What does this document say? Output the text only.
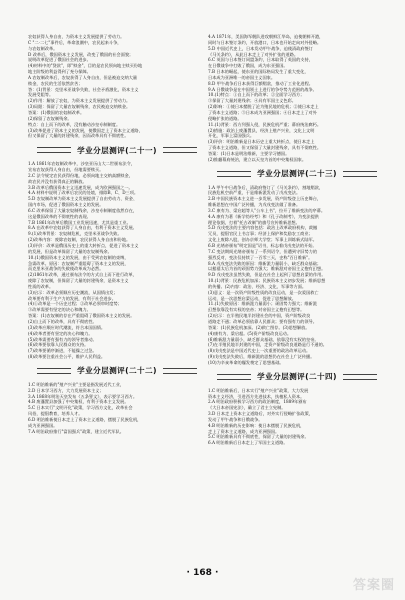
农奴获得人身自由，为资本主义发展提供了劳动力。
C "二·二七"事件后，革命浪潮中，农民起来斗争，
与农奴制改革。
D 改革后，俄国资本主义发展，改变了俄国的社会面貌；
说明改革促进了俄国社会的进步。
(4)材料中的"贷款"，即"赎金"，目的是农民须向地主赎买份地
地主阶级的利益得到了充分保障。
A 农奴制改革后，农奴获得了人身自由，但是被迫交纳大量
赎金，农民的生活依然贫苦；
答：(1)背景：克里米亚战争失败，社会矛盾激化，资本主义
发展受阻等。
(2)作用：解放了农奴，为资本主义发展提供了劳动力。
(3)局限：保留了大量农奴制残余，农民被迫交纳赎金。
答案：(1)俄国的农奴制改革。
(2)保留了农奴制残余。
特点：自上而下的改革，没有触动沙皇专制制度。
(3)改革促进了资本主义的发展，使俄国走上了资本主义道路，
但又保留了大量的封建残余，因而改革具有不彻底性。
学业分层测评(二十一)
1.A 1861年农奴制改革中，沙皇亚历山大二世颁布法令，
宣布农奴获得人身自由，份地需要赎买。
2.C 法令规定农民获得份地，必须向地主交纳高额赎金，
故农民并没有获得真正的解放。
3.B 改革后俄国资本主义迅速发展，成为欧洲强国之一。
4.A 材料中说明了改革后农民的处境，排除B、C、D三项。
5.D 农奴制改革为资本主义发展提供了自由劳动力、资金、
国内市场，促进了俄国资本主义的发展。
6.C 改革保留了大量农奴制残余，沙皇专制制度依然存在，
这是俄国改革的不彻底性的表现。
7.B 1861年改革后俄国工业发展迅速，尤其是重工业。
8.A 在改革中农奴获得了人身自由，有利于资本主义发展。
9.(1)改革背景：农奴制危机，克里米亚战争失败。
(2)改革内容：废除农奴制，农民获得人身自由和份地。
(3)评价：改革是俄国历史上的重大转折点，促进了资本主义
的发展，但是改革保留了大量的农奴制残余。
10.(1)俄国资本主义的发展，由于受到农奴制的束缚，
急需改革。原因：农奴制严重阻碍了资本主义的发展，
而克里米亚战争的失败使改革成为必然。
(2)1861年改革，通过颁布法令的方式自上而下进行改革，
废除了农奴制，但保留了大量的封建残余，是资本主义
性质的改革。
(3)启示：改革必须顺应历史潮流，从国情出发；
改革要有利于生产力的发展，有利于社会进步。
(4)①改革是一个历史过程；②改革必须审时度势；
③改革需要有坚定的决心和魄力。
答案：(1)农奴制的存在严重阻碍了俄国资本主义的发展。
(2)自上而下的改革，具有不彻底性。
(3)改革应顺应时代潮流，符合本国国情。
(4)改革者要有坚定的决心和魄力。
(5)改革需要有强有力的领导者推动。
(6)改革要依靠人民群众的支持。
(7)改革要循序渐进，不能操之过急。
(8)改革要注重社会公平，维护人民利益。
学业分层测评(二十二)
1.C 明治维新的"殖产兴业"主要是指发展近代工业，
2.D 日本学习西方，大力发展资本主义；
3.A 1868年明治天皇发布《五条誓文》，表示要学习西方。
4.B 废藩置县加强了中央集权，有利于资本主义发展。
5.C 日本实行"文明开化"政策，学习西方文化，改革社会
风俗，提倡教育，培养人才。
6.D 明治维新使日本走上了资本主义道路，摆脱了民族危机，
成为亚洲强国。
7.A 明治政府推行"富国强兵"政策，建立近代军队。
4.A 1871年，美国海军舰队进攻朝鲜江华岛，迫使朝鲜开港，
同时与日本签订条约，开放港口，日本也开始走向对外侵略。
5.D 中国近代史上，日本发动甲午战争，迫使清政府签订
《马关条约》，从此日本走上了对外扩张的道路。
6.C 英国与日本签订同盟条约，日本取得了英国的支持，
在日俄战争中打败了俄国，成为东亚强国。
7.B 日本的崛起，使东亚的国际格局发生了重大变化，
日本成为亚洲唯一的帝国主义国家。
8.D 甲午战争后日本获得巨额赔款，推动了工业化进程。
9.A 日俄战争是在中国领土上进行的争夺势力范围的战争。
10.(1)特点：①自上而下的改革；②全面学习西方；
③保留了大量封建残余；④具有军国主义色彩。
(2)影响：①使日本摆脱了沦为殖民地的危机；②使日本走上
了资本主义道路；③日本成为亚洲强国；④日本走上了对外
侵略扩张的道路。
11.(1)背景：西方列强入侵，民族危机严重；幕府统治腐朽。
(2)措施：政治上废藩置县，经济上殖产兴业，文化上文明
开化，军事上富国强兵。
(3)评价：明治维新是日本历史上重大转折点，使日本走上
了资本主义道路，但又保留了大量封建残余，具有不彻底性。
答案：(1)日本是明治维新，主要学习德国。
(2)推翻幕府统治，建立以天皇为首的中央集权国家。
学业分层测评(二十三)
1.A 甲午中日战争后，清政府签订了《马关条约》，割地赔款，
民族危机空前严重，于是维新派发动了戊戌变法。
2.B 中国民族资本主义进一步发展，资产阶级登上历史舞台，
维新思想在中国广泛传播，为戊戌变法做了准备。
3.C 康有为、梁启超等人"公车上书"，拉开了维新变法的序幕。
4.A 康有为著《新学伪经考》和《孔子改制考》，为变法提供
理论依据，打着"托古改制"的旗号宣传维新思想。
5.D 戊戌变法的主要内容包括：政治上改革政府机构，裁撤
冗员，提倡官民上书言事；经济上保护和奖励农工商业；
文化上废除八股，创办京师大学堂；军事上训练新式陆军。
6.B 光绪帝颁布"明定国是"诏书，标志着戊戌变法的开始。
7.C 变法期间光绪帝颁布了一系列诏令，但遭到守旧势力的
强烈反对，变法仅持续了一百零三天，史称"百日维新"。
8.A 戊戌变法失败的原因：维新派力量弱小，缺乏群众基础；
以慈禧太后为首的顽固势力强大；维新派对帝国主义抱有幻想。
9.D 戊戌变法虽然失败，但是在社会上起到了思想启蒙的作用。
10.(1)背景：民族危机加深；民族资本主义初步发展；维新思想
的传播。(2)内容：政治、经济、文化、军事等方面。
(3)意义：是一次资产阶级性质的改良运动，是一次爱国救亡
运动，是一次思想启蒙运动，促进了思想解放。
11.(1)失败原因：维新派力量弱小；顽固势力强大；维新派
幻想依靠没有实权的皇帝；对帝国主义抱有幻想等。
(2)启示：在半殖民地半封建社会的中国，资产阶级改良
道路走不通；改革必须依靠人民群众；要有强有力的领导。
答案：(1)民族危机加深。(2)救亡图存。(3)思想解放。
(4)康有为、梁启超。(5)资产阶级改良运动。
(6)维新派力量弱小，缺乏群众基础，依靠没有实权的皇帝。
(7)在半殖民地半封建的中国，走资产阶级改良道路是行不通的。
(8)戊戌变法是中国近代史上一次重要的政治改革运动。
(9)戊戌变法失败后，维新派的思想仍在社会上广泛传播。
(10)为辛亥革命的爆发奠定了思想基础。
学业分层测评(二十四)
1.C 明治维新后，日本实行"殖产兴业"政策，大力发展
资本主义经济，引进西方先进技术，扶植私人资本。
2.A 明治政府积极学习西方的政治制度，1889年颁布
《大日本帝国宪法》，确立了君主立宪制。
3.D 日本走上资本主义道路后，对外实行侵略扩张政策，
发动了甲午战争和日俄战争。
4.B 明治维新的历史影响：使日本摆脱了民族危机，
走上了资本主义道路，成为亚洲强国。
5.C 明治维新具有不彻底性，保留了大量的封建残余。
6.A 明治维新后日本走上了军国主义道路。
· 168 ·
答案圈
